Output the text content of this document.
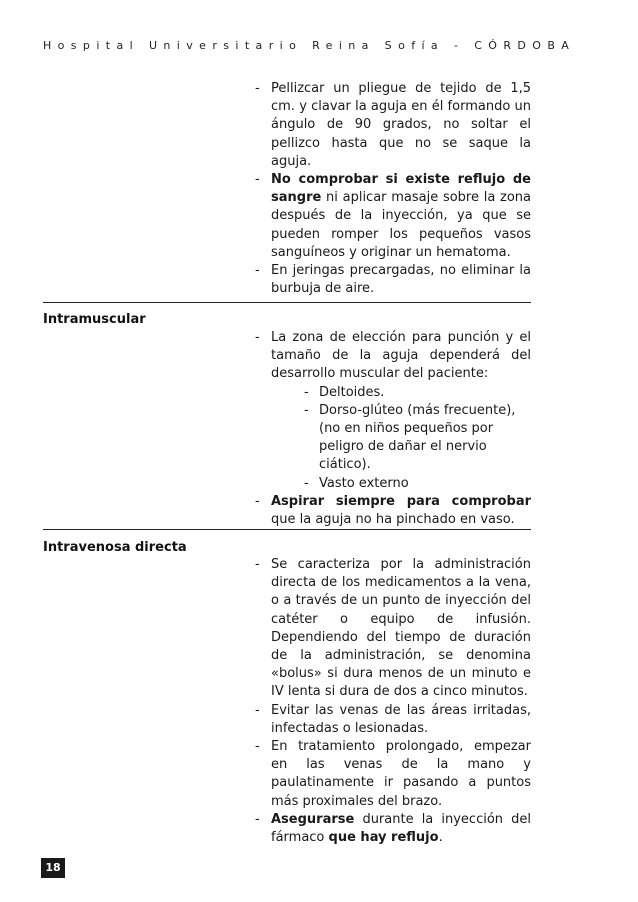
Hospital Universitario Reina Sofía - CÓRDOBA
- Pellizcar un pliegue de tejido de 1,5 cm. y clavar la aguja en él formando un ángulo de 90 grados, no soltar el pellizco hasta que no se saque la aguja.
- No comprobar si existe reflujo de sangre ni aplicar masaje sobre la zona después de la inyección, ya que se pueden romper los pequeños vasos sanguíneos y originar un hematoma.
- En jeringas precargadas, no eliminar la burbuja de aire.
Intramuscular
- La zona de elección para punción y el tamaño de la aguja dependerá del desarrollo muscular del paciente:
- Deltoides.
- Dorso-glúteo (más frecuente), (no en niños pequeños por peligro de dañar el nervio ciático).
- Vasto externo
- Aspirar siempre para comprobar que la aguja no ha pinchado en vaso.
Intravenosa directa
- Se caracteriza por la administración directa de los medicamentos a la vena, o a través de un punto de inyección del catéter o equipo de infusión. Dependiendo del tiempo de duración de la administración, se denomina «bolus» si dura menos de un minuto e IV lenta si dura de dos a cinco minutos.
- Evitar las venas de las áreas irritadas, infectadas o lesionadas.
- En tratamiento prolongado, empezar en las venas de la mano y paulatinamente ir pasando a puntos más proximales del brazo.
- Asegurarse durante la inyección del fármaco que hay reflujo.
18
